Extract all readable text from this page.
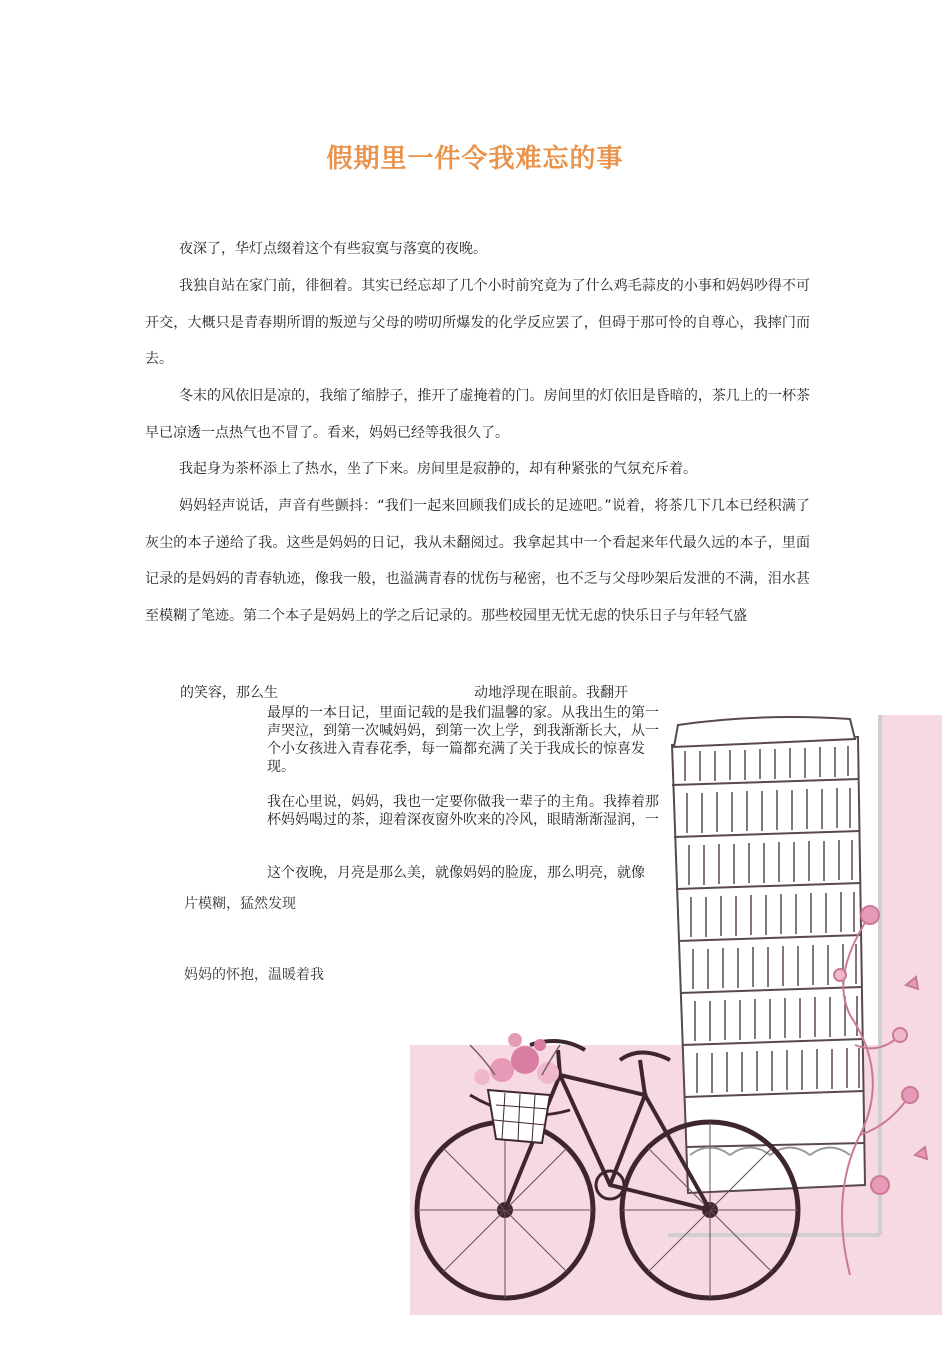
假期里一件令我难忘的事

夜深了，华灯点缀着这个有些寂寞与落寞的夜晚。

我独自站在家门前，徘徊着。其实已经忘却了几个小时前究竟为了什么鸡毛蒜皮的小事和妈妈吵得不可开交，大概只是青春期所谓的叛逆与父母的唠叨所爆发的化学反应罢了，但碍于那可怜的自尊心，我摔门而去。

冬末的风依旧是凉的，我缩了缩脖子，推开了虚掩着的门。房间里的灯依旧是昏暗的，茶几上的一杯茶早已凉透一点热气也不冒了。看来，妈妈已经等我很久了。

我起身为茶杯添上了热水，坐了下来。房间里是寂静的，却有种紧张的气氛充斥着。

妈妈轻声说话，声音有些颤抖：“我们一起来回顾我们成长的足迹吧。”说着，将茶几下几本已经积满了灰尘的本子递给了我。这些是妈妈的日记，我从未翻阅过。我拿起其中一个看起来年代最久远的本子，里面记录的是妈妈的青春轨迹，像我一般，也溢满青春的忧伤与秘密，也不乏与父母吵架后发泄的不满，泪水甚至模糊了笔迹。第二个本子是妈妈上的学之后记录的。那些校园里无忧无虑的快乐日子与年轻气盛

的笑容，那么生	动地浮现在眼前。我翻开

最厚的一本日记，里面记载的是我们温馨的家。从我出生的第一声哭泣，到第一次喊妈妈，到第一次上学，到我渐渐长大，从一个小女孩进入青春花季，每一篇都充满了关于我成长的惊喜发现。

我在心里说，妈妈，我也一定要你做我一辈子的主角。我捧着那杯妈妈喝过的茶，迎着深夜窗外吹来的冷风，眼睛渐渐湿润，一

这个夜晚，月亮是那么美，就像妈妈的脸庞，那么明亮，就像

片模糊，猛然发现
妈妈的怀抱，温暖着我
